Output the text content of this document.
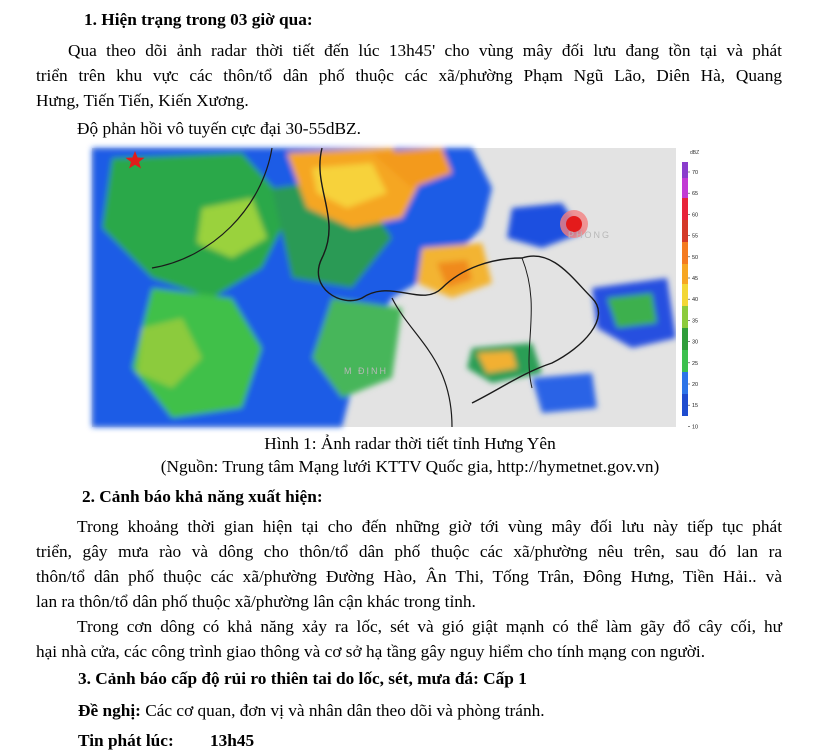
1. Hiện trạng trong 03 giờ qua:
Qua theo dõi ảnh radar thời tiết đến lúc 13h45' cho vùng mây đối lưu đang tồn tại và phát
triển trên khu vực các thôn/tổ dân phố thuộc các xã/phường Phạm Ngũ Lão, Diên Hà, Quang
Hưng, Tiến Tiến, Kiến Xương.
Độ phản hồi vô tuyến cực đại 30-55dBZ.
PHONG
M ĐỊNH
dBZ
70
65
60
55
50
45
40
35
30
25
20
15
10
Hình 1: Ảnh radar thời tiết tỉnh Hưng Yên
(Nguồn: Trung tâm Mạng lưới KTTV Quốc gia, http://hymetnet.gov.vn)
2. Cảnh báo khả năng xuất hiện:
Trong khoảng thời gian hiện tại cho đến những giờ tới vùng mây đối lưu này tiếp tục phát
triển, gây mưa rào và dông cho thôn/tổ dân phố thuộc các xã/phường nêu trên, sau đó lan ra
thôn/tổ dân phố thuộc các xã/phường Đường Hào, Ân Thi, Tống Trân, Đông Hưng, Tiền Hải.. và
lan ra thôn/tổ dân phố thuộc xã/phường lân cận khác trong tỉnh.
Trong cơn dông có khả năng xảy ra lốc, sét và gió giật mạnh có thể làm gãy đổ cây cối, hư
hại nhà cửa, các công trình giao thông và cơ sở hạ tầng gây nguy hiểm cho tính mạng con người.
3. Cảnh báo cấp độ rủi ro thiên tai do lốc, sét, mưa đá: Cấp 1
Đề nghị: Các cơ quan, đơn vị và nhân dân theo dõi và phòng tránh.
Tin phát lúc: 13h45
